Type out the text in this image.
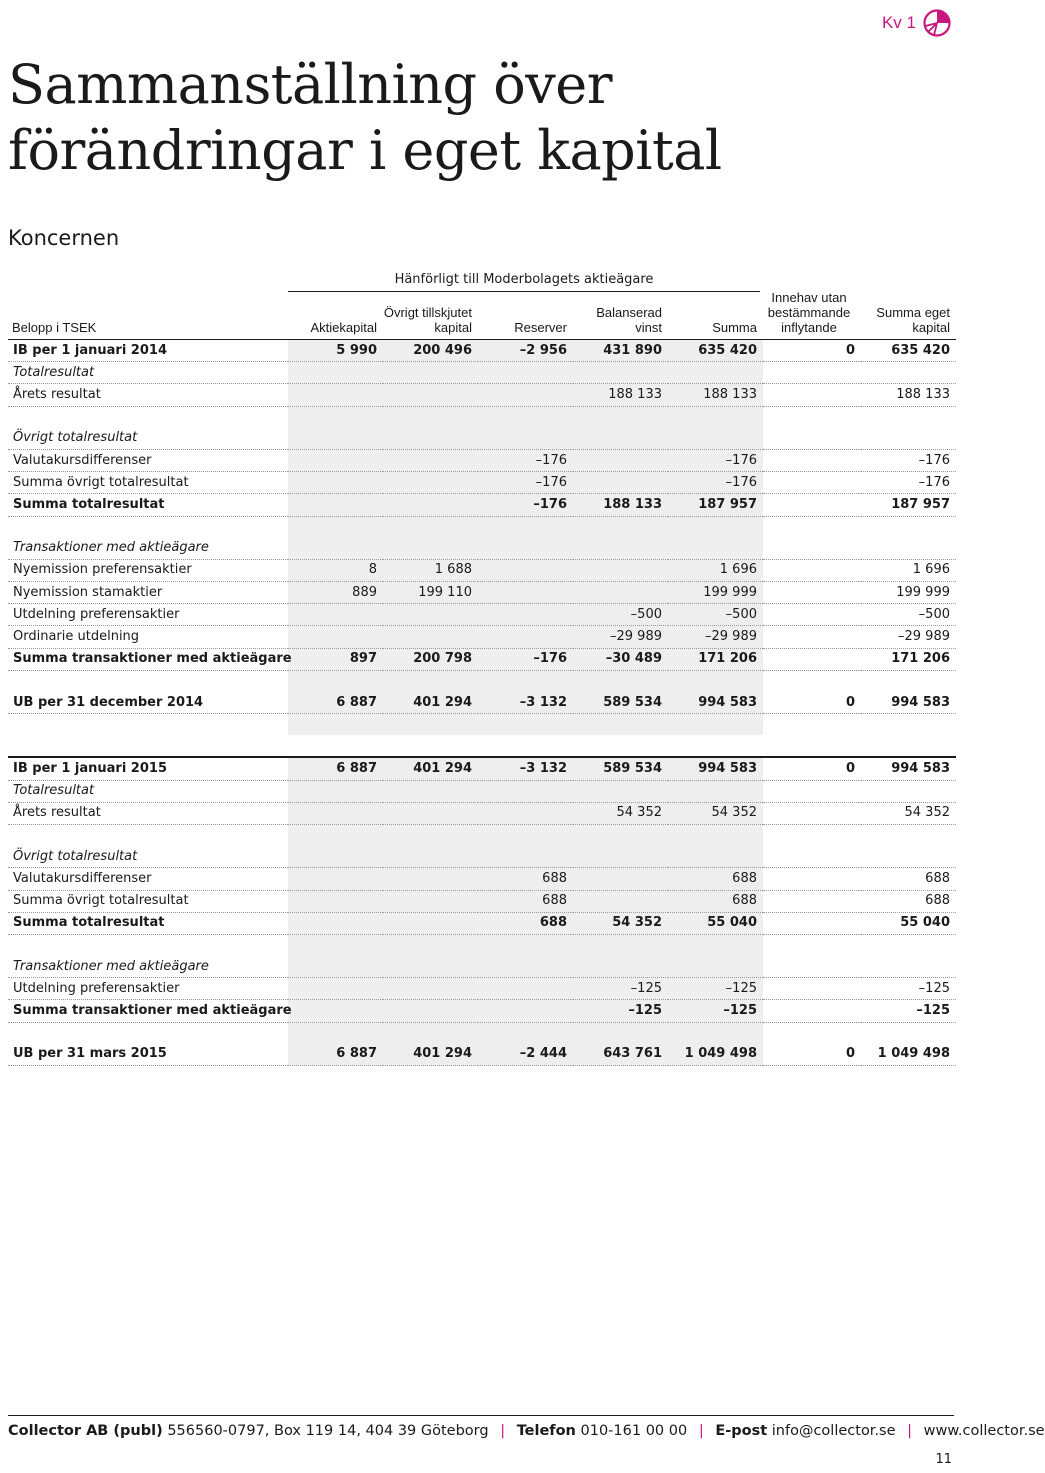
Kv 1
Sammanställning över förändringar i eget kapital
Koncernen
Hänförligt till Moderbolagets aktieägare
Belopp i TSEK	Aktiekapital	Övrigt tillskjutet kapital	Reserver	Balanserad vinst	Summa	Innehav utan bestämmande inflytande	Summa eget kapital
IB per 1 januari 2014	5 990	200 496	–2 956	431 890	635 420	0	635 420
Totalresultat							
Årets resultat				188 133	188 133		188 133

Övrigt totalresultat							
Valutakursdifferenser			–176		–176		–176
Summa övrigt totalresultat			–176		–176		–176
Summa totalresultat			–176	188 133	187 957		187 957

Transaktioner med aktieägare							
Nyemission preferensaktier	8	1 688			1 696		1 696
Nyemission stamaktier	889	199 110			199 999		199 999
Utdelning preferensaktier				–500	–500		–500
Ordinarie utdelning				–29 989	–29 989		–29 989
Summa transaktioner med aktieägare	897	200 798	–176	–30 489	171 206		171 206

UB per 31 december 2014	6 887	401 294	–3 132	589 534	994 583	0	994 583

IB per 1 januari 2015	6 887	401 294	–3 132	589 534	994 583	0	994 583
Totalresultat							
Årets resultat				54 352	54 352		54 352

Övrigt totalresultat							
Valutakursdifferenser			688		688		688
Summa övrigt totalresultat			688		688		688
Summa totalresultat			688	54 352	55 040		55 040

Transaktioner med aktieägare							
Utdelning preferensaktier				–125	–125		–125
Summa transaktioner med aktieägare				–125	–125		–125

UB per 31 mars 2015	6 887	401 294	–2 444	643 761	1 049 498	0	1 049 498
Collector AB (publ) 556560-0797, Box 119 14, 404 39 Göteborg | Telefon 010-161 00 00 | E-post info@collector.se | www.collector.se
11
